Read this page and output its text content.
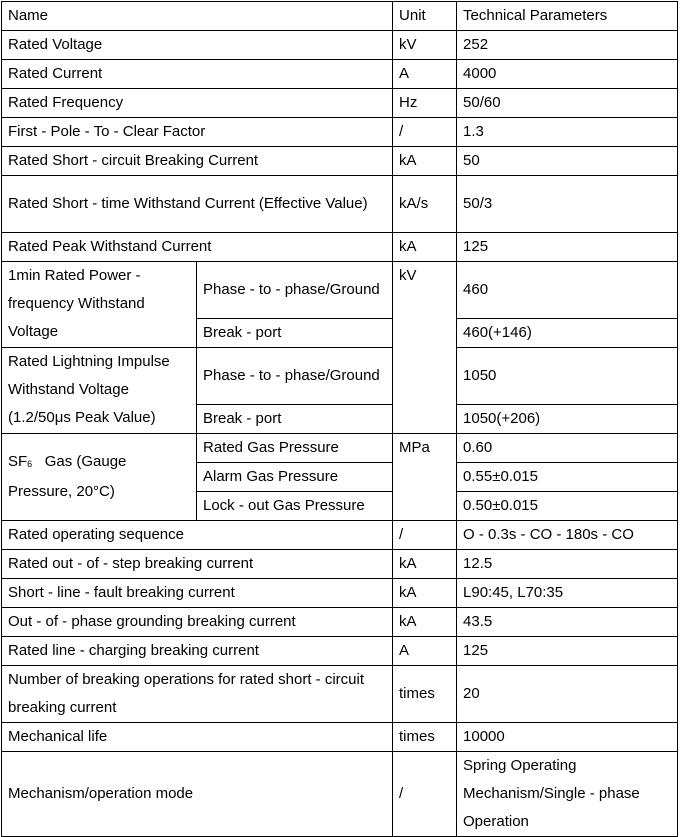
Name		Unit	Technical Parameters
Rated Voltage		kV	252
Rated Current		A	4000
Rated Frequency		Hz	50/60
First - Pole - To - Clear Factor		/	1.3
Rated Short - circuit Breaking Current		kA	50
Rated Short - time Withstand Current (Effective Value)		kA/s	50/3
Rated Peak Withstand Current		kA	125
1min Rated Power - frequency Withstand Voltage	Phase - to - phase/Ground	kV	460
	Break - port		460(+146)
Rated Lightning Impulse Withstand Voltage (1.2/50μs Peak Value)	Phase - to - phase/Ground		1050
	Break - port		1050(+206)

SF6   Gas (Gauge Pressure, 20°C)	Rated Gas Pressure	MPa	0.60
	Alarm Gas Pressure		0.55±0.015
	Lock - out Gas Pressure		0.50±0.015
Rated operating sequence		/	O - 0.3s - CO - 180s - CO
Rated out - of - step breaking current		kA	12.5
Short - line - fault breaking current		kA	L90:45, L70:35
Out - of - phase grounding breaking current		kA	43.5
Rated line - charging breaking current		A	125
Number of breaking operations for rated short - circuit breaking current		times	20
Mechanical life		times	10000
Mechanism/operation mode		/	Spring Operating Mechanism/Single - phase Operation
